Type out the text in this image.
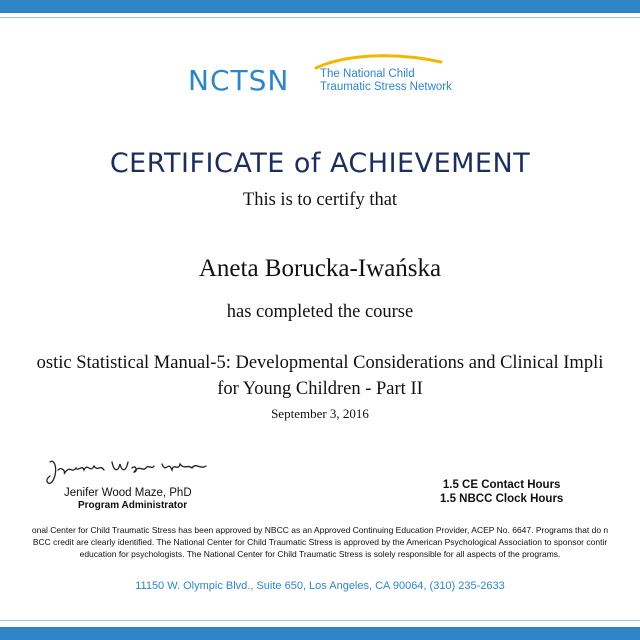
NCTSN	The National Child
Traumatic Stress Network
CERTIFICATE of ACHIEVEMENT
This is to certify that
Aneta Borucka-Iwańska
has completed the course
ostic Statistical Manual-5: Developmental Considerations and Clinical Impli
for Young Children - Part II
September 3, 2016
Jenifer Wood Maze, PhD
Program Administrator
1.5 CE Contact Hours
1.5 NBCC Clock Hours
onal Center for Child Traumatic Stress has been approved by NBCC as an Approved Continuing Education Provider, ACEP No. 6647. Programs that do n
BCC credit are clearly identified. The National Center for Child Traumatic Stress is approved by the American Psychological Association to sponsor contir
education for psychologists. The National Center for Child Traumatic Stress is solely responsible for all aspects of the programs.
11150 W. Olympic Blvd., Suite 650, Los Angeles, CA 90064, (310) 235-2633
